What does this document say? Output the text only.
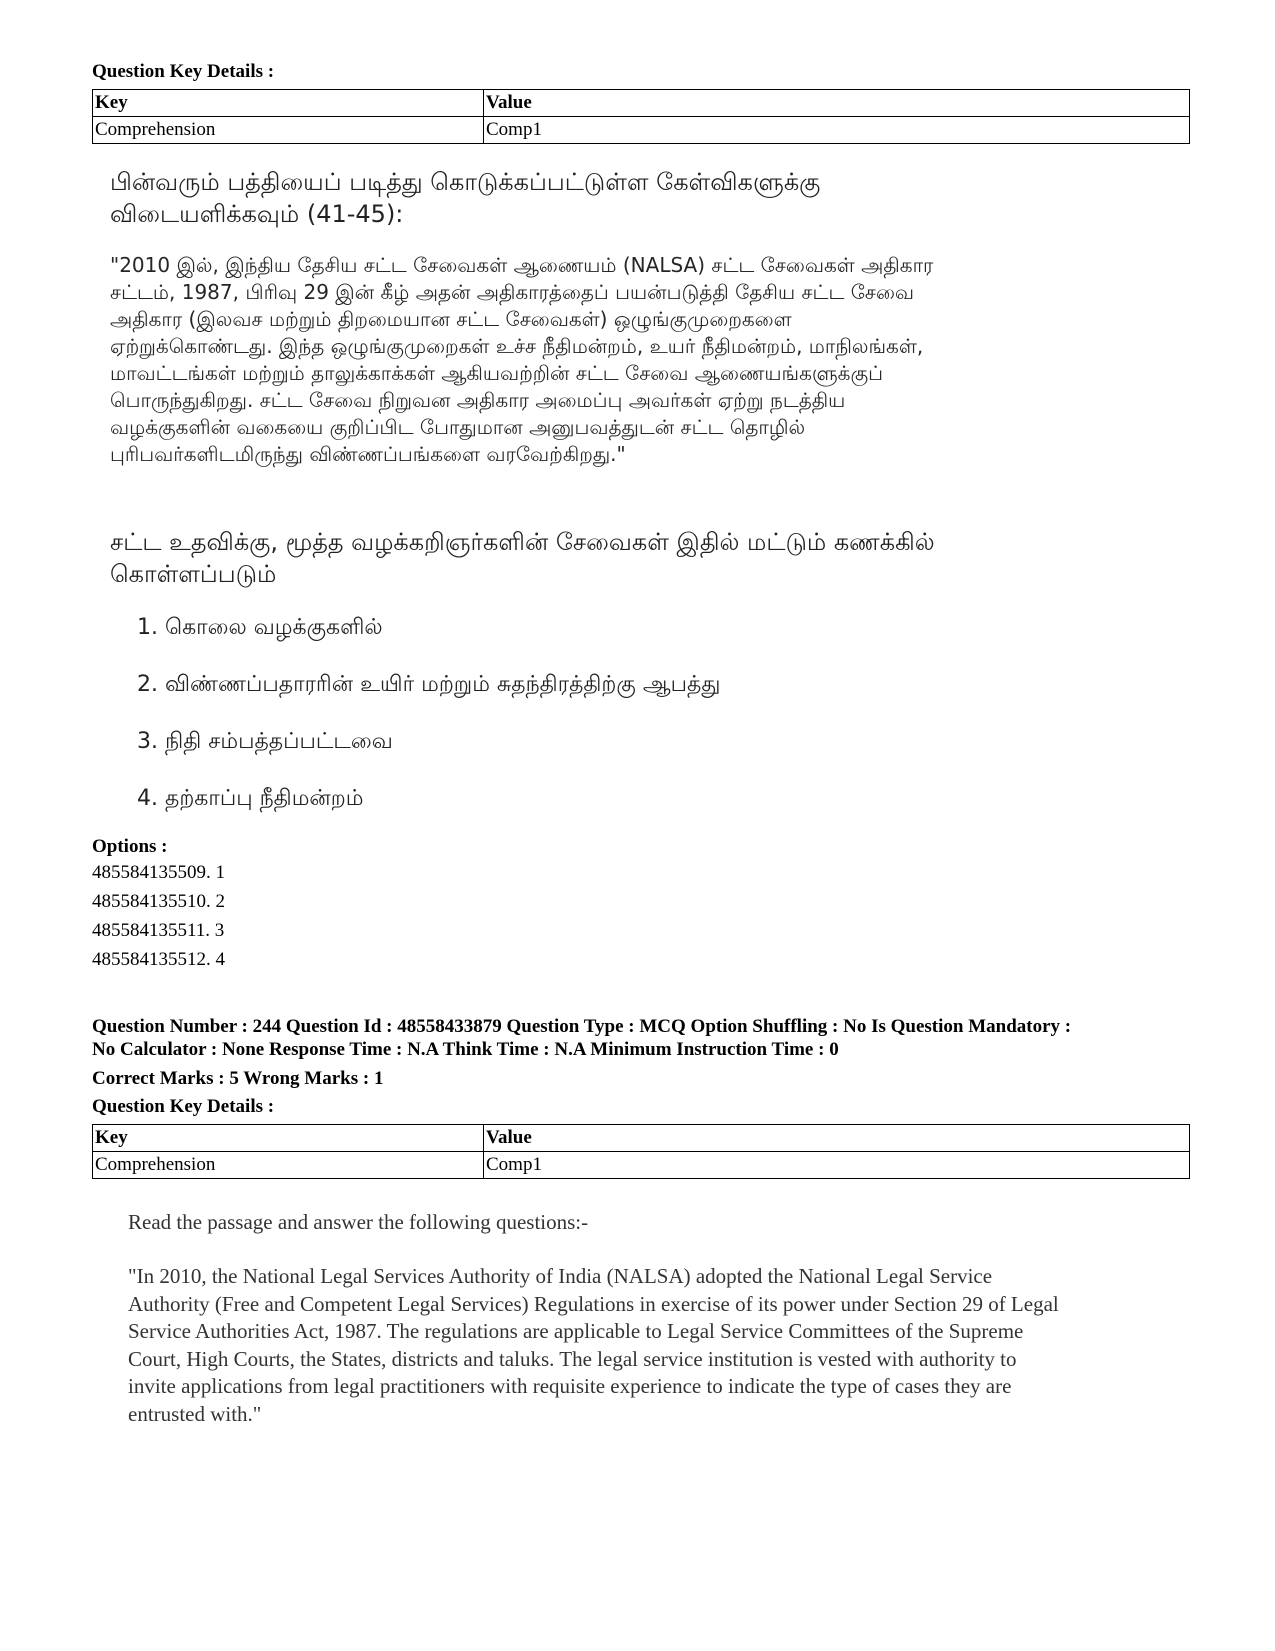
Question Key Details :
Key	Value
Comprehension	Comp1
பின்வரும் பத்தியைப் படித்து கொடுக்கப்பட்டுள்ள கேள்விகளுக்கு
விடையளிக்கவும் (41-45):
"2010 இல், இந்திய தேசிய சட்ட சேவைகள் ஆணையம் (NALSA) சட்ட சேவைகள் அதிகார
சட்டம், 1987, பிரிவு 29 இன் கீழ் அதன் அதிகாரத்தைப் பயன்படுத்தி தேசிய சட்ட சேவை
அதிகார (இலவச மற்றும் திறமையான சட்ட சேவைகள்) ஒழுங்குமுறைகளை
ஏற்றுக்கொண்டது. இந்த ஒழுங்குமுறைகள் உச்ச நீதிமன்றம், உயர் நீதிமன்றம், மாநிலங்கள்,
மாவட்டங்கள் மற்றும் தாலுக்காக்கள் ஆகியவற்றின் சட்ட சேவை ஆணையங்களுக்குப்
பொருந்துகிறது. சட்ட சேவை நிறுவன அதிகார அமைப்பு அவர்கள் ஏற்று நடத்திய
வழக்குகளின் வகையை குறிப்பிட போதுமான அனுபவத்துடன் சட்ட தொழில்
புரிபவர்களிடமிருந்து விண்ணப்பங்களை வரவேற்கிறது."
சட்ட உதவிக்கு, மூத்த வழக்கறிஞர்களின் சேவைகள் இதில் மட்டும் கணக்கில்
கொள்ளப்படும்
1. கொலை வழக்குகளில்
2. விண்ணப்பதாரரின் உயிர் மற்றும் சுதந்திரத்திற்கு ஆபத்து
3. நிதி சம்பத்தப்பட்டவை
4. தற்காப்பு நீதிமன்றம்
Options :
485584135509. 1
485584135510. 2
485584135511. 3
485584135512. 4
Question Number : 244 Question Id : 48558433879 Question Type : MCQ Option Shuffling : No Is Question Mandatory :
No Calculator : None Response Time : N.A Think Time : N.A Minimum Instruction Time : 0
Correct Marks : 5 Wrong Marks : 1
Question Key Details :
Key	Value
Comprehension	Comp1
Read the passage and answer the following questions:-
"In 2010, the National Legal Services Authority of India (NALSA) adopted the National Legal Service
Authority (Free and Competent Legal Services) Regulations in exercise of its power under Section 29 of Legal
Service Authorities Act, 1987. The regulations are applicable to Legal Service Committees of the Supreme
Court, High Courts, the States, districts and taluks. The legal service institution is vested with authority to
invite applications from legal practitioners with requisite experience to indicate the type of cases they are
entrusted with."
